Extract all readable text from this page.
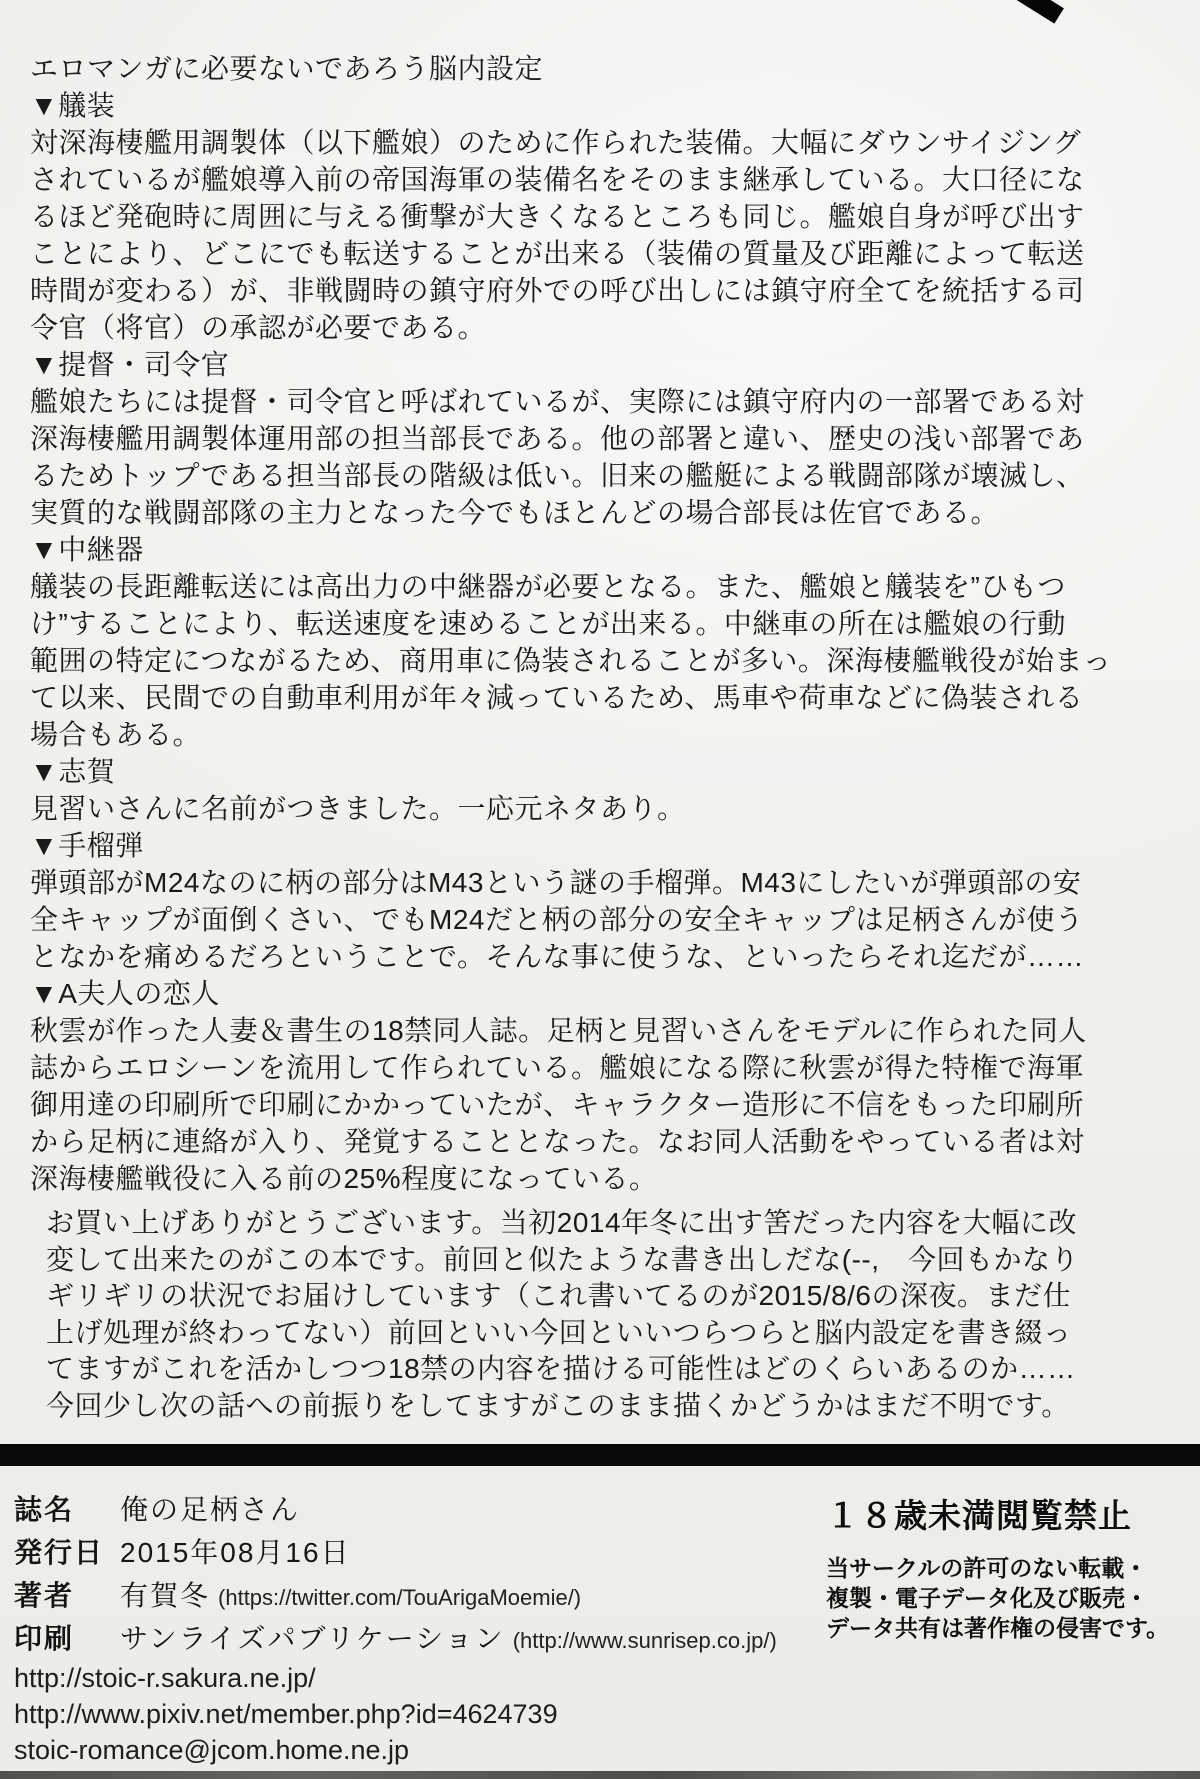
エロマンガに必要ないであろう脳内設定
▼艤装
対深海棲艦用調製体（以下艦娘）のために作られた装備。大幅にダウンサイジング
されているが艦娘導入前の帝国海軍の装備名をそのまま継承している。大口径にな
るほど発砲時に周囲に与える衝撃が大きくなるところも同じ。艦娘自身が呼び出す
ことにより、どこにでも転送することが出来る（装備の質量及び距離によって転送
時間が変わる）が、非戦闘時の鎮守府外での呼び出しには鎮守府全てを統括する司
令官（将官）の承認が必要である。
▼提督・司令官
艦娘たちには提督・司令官と呼ばれているが、実際には鎮守府内の一部署である対
深海棲艦用調製体運用部の担当部長である。他の部署と違い、歴史の浅い部署であ
るためトップである担当部長の階級は低い。旧来の艦艇による戦闘部隊が壊滅し、
実質的な戦闘部隊の主力となった今でもほとんどの場合部長は佐官である。
▼中継器
艤装の長距離転送には高出力の中継器が必要となる。また、艦娘と艤装を”ひもつ
け”することにより、転送速度を速めることが出来る。中継車の所在は艦娘の行動
範囲の特定につながるため、商用車に偽装されることが多い。深海棲艦戦役が始まっ
て以来、民間での自動車利用が年々減っているため、馬車や荷車などに偽装される
場合もある。
▼志賀
見習いさんに名前がつきました。一応元ネタあり。
▼手榴弾
弾頭部がM24なのに柄の部分はM43という謎の手榴弾。M43にしたいが弾頭部の安
全キャップが面倒くさい、でもM24だと柄の部分の安全キャップは足柄さんが使う
となかを痛めるだろということで。そんな事に使うな、といったらそれ迄だが……
▼A夫人の恋人
秋雲が作った人妻＆書生の18禁同人誌。足柄と見習いさんをモデルに作られた同人
誌からエロシーンを流用して作られている。艦娘になる際に秋雲が得た特権で海軍
御用達の印刷所で印刷にかかっていたが、キャラクター造形に不信をもった印刷所
から足柄に連絡が入り、発覚することとなった。なお同人活動をやっている者は対
深海棲艦戦役に入る前の25%程度になっている。
お買い上げありがとうございます。当初2014年冬に出す筈だった内容を大幅に改
変して出来たのがこの本です。前回と似たような書き出しだな(--,　今回もかなり
ギリギリの状況でお届けしています（これ書いてるのが2015/8/6の深夜。まだ仕
上げ処理が終わってない）前回といい今回といいつらつらと脳内設定を書き綴っ
てますがこれを活かしつつ18禁の内容を描ける可能性はどのくらいあるのか……
今回少し次の話への前振りをしてますがこのまま描くかどうかはまだ不明です。
誌名	俺の足柄さん
発行日 2015年08月16日
著者	有賀冬 (https://twitter.com/TouArigaMoemie/)
印刷	サンライズパブリケーション (http://www.sunrisep.co.jp/)
http://stoic-r.sakura.ne.jp/
http://www.pixiv.net/member.php?id=4624739
stoic-romance@jcom.home.ne.jp
１８歳未満閲覧禁止
当サークルの許可のない転載・
複製・電子データ化及び販売・
データ共有は著作権の侵害です。
